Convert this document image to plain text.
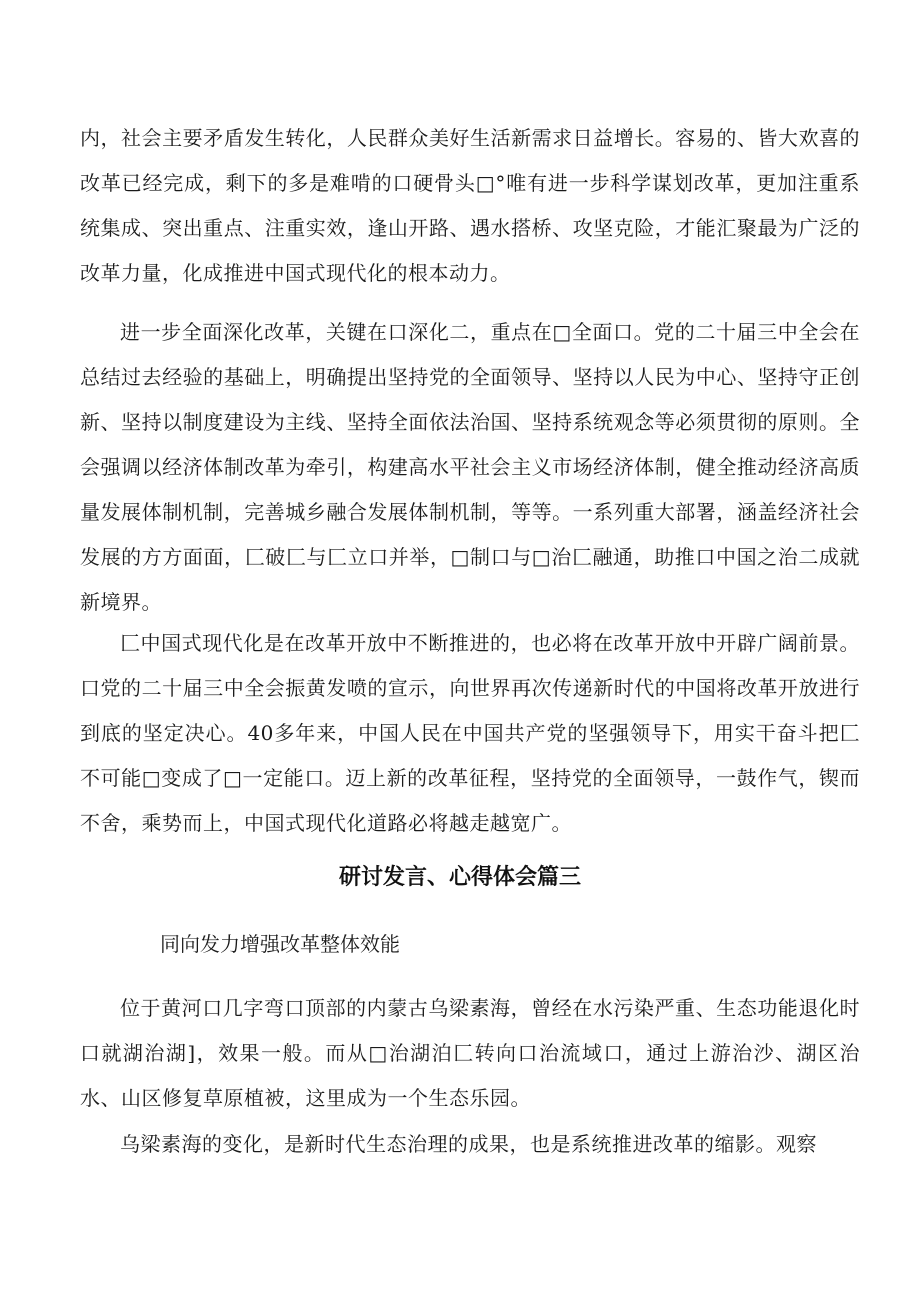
内，社会主要矛盾发生转化，人民群众美好生活新需求日益增长。容易的、皆大欢喜的改革已经完成，剩下的多是难啃的口硬骨头□°唯有进一步科学谋划改革，更加注重系统集成、突出重点、注重实效，逢山开路、遇水搭桥、攻坚克险，才能汇聚最为广泛的改革力量，化成推进中国式现代化的根本动力。

进一步全面深化改革，关键在口深化二，重点在□全面口。党的二十届三中全会在总结过去经验的基础上，明确提出坚持党的全面领导、坚持以人民为中心、坚持守正创新、坚持以制度建设为主线、坚持全面依法治国、坚持系统观念等必须贯彻的原则。全会强调以经济体制改革为牵引，构建高水平社会主义市场经济体制，健全推动经济高质量发展体制机制，完善城乡融合发展体制机制，等等。一系列重大部署，涵盖经济社会发展的方方面面，匚破匚与匚立口并举，□制口与□治匚融通，助推口中国之治二成就新境界。

匚中国式现代化是在改革开放中不断推进的，也必将在改革开放中开辟广阔前景。口党的二十届三中全会振黄发喷的宣示，向世界再次传递新时代的中国将改革开放进行到底的坚定决心。40多年来，中国人民在中国共产党的坚强领导下，用实干奋斗把匚不可能□变成了□一定能口。迈上新的改革征程，坚持党的全面领导，一鼓作气，锲而不舍，乘势而上，中国式现代化道路必将越走越宽广。

研讨发言、心得体会篇三

同向发力增强改革整体效能

位于黄河口几字弯口顶部的内蒙古乌梁素海，曾经在水污染严重、生态功能退化时口就湖治湖]，效果一般。而从□治湖泊匚转向口治流域口，通过上游治沙、湖区治水、山区修复草原植被，这里成为一个生态乐园。

乌梁素海的变化，是新时代生态治理的成果，也是系统推进改革的缩影。观察
